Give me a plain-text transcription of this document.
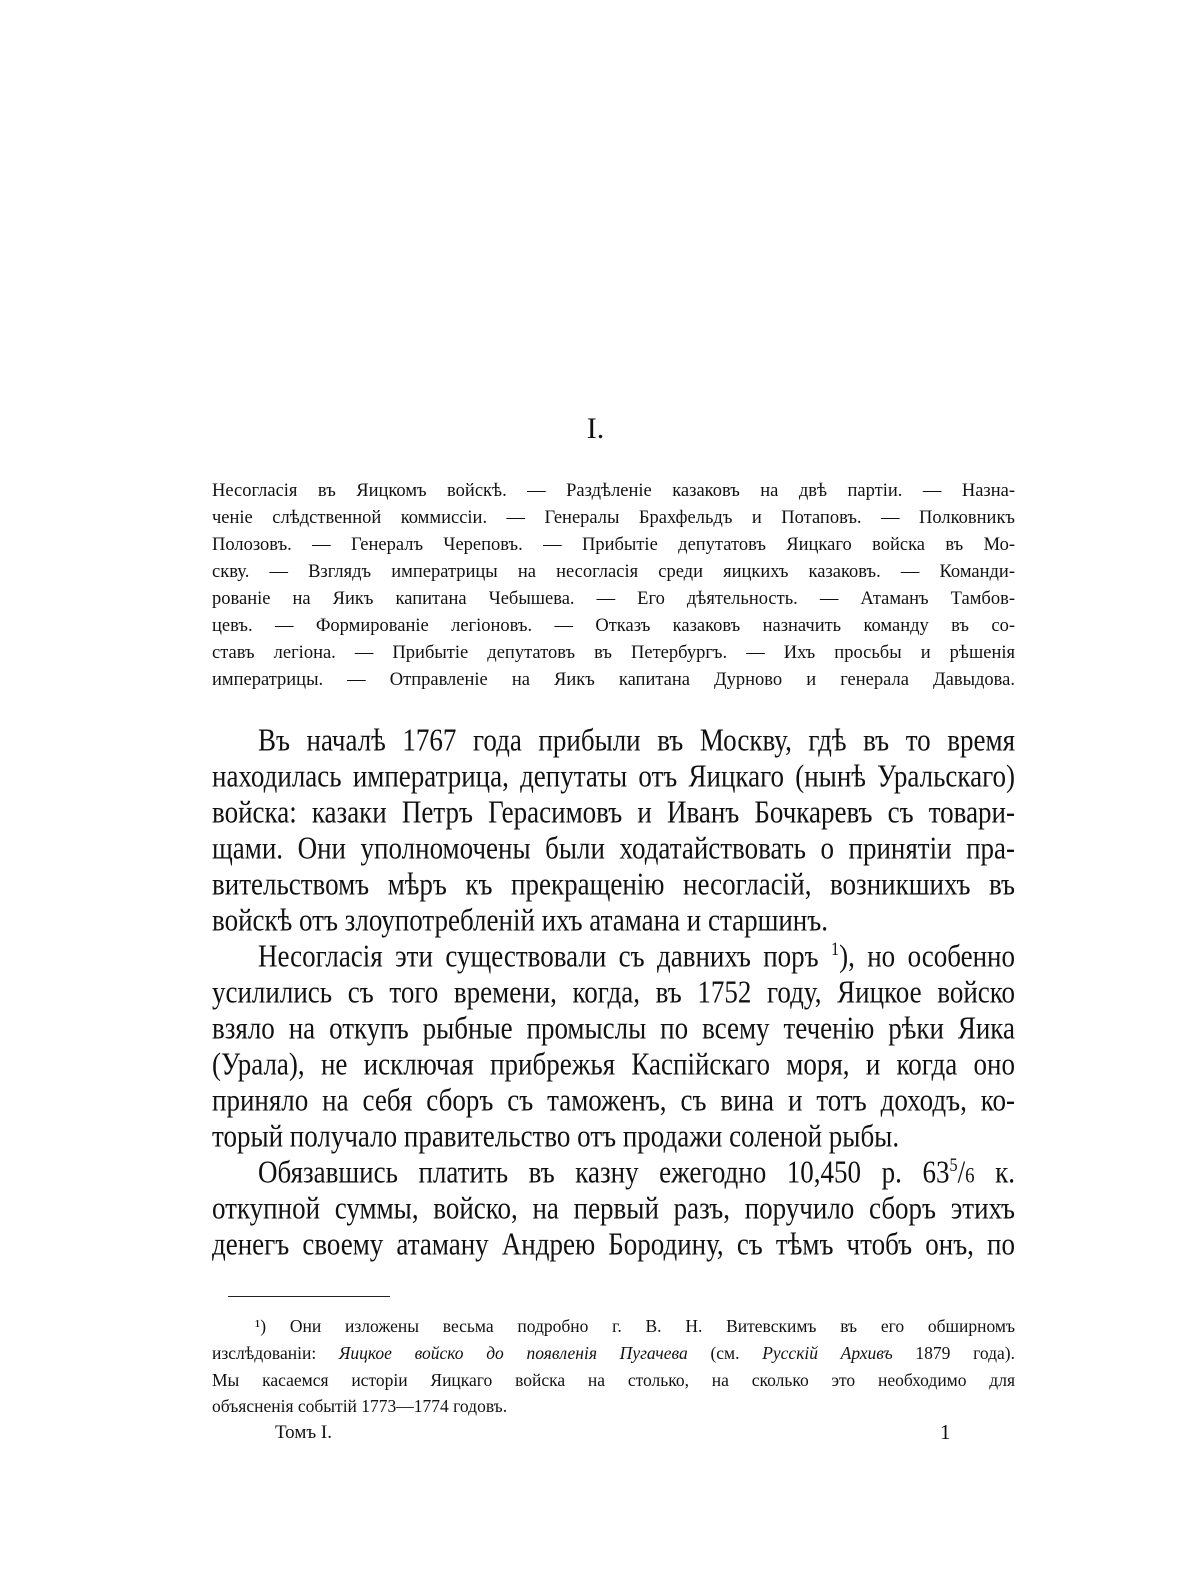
I.
Несогласія въ Яицкомъ войскѣ. — Раздѣленіе казаковъ на двѣ партіи. — Назна-
ченіе слѣдственной коммиссіи. — Генералы Брахфельдъ и Потаповъ. — Полковникъ
Полозовъ. — Генералъ Череповъ. — Прибытіе депутатовъ Яицкаго войска въ Мо-
скву. — Взглядъ императрицы на несогласія среди яицкихъ казаковъ. — Команди-
рованіе на Яикъ капитана Чебышева. — Его дѣятельность. — Атаманъ Тамбов-
цевъ. — Формированіе легіоновъ. — Отказъ казаковъ назначить команду въ со-
ставъ легіона. — Прибытіе депутатовъ въ Петербургъ. — Ихъ просьбы и рѣшенія
императрицы. — Отправленіе на Яикъ капитана Дурново и генерала Давыдова.
Въ началѣ 1767 года прибыли въ Москву, гдѣ въ то время
находилась императрица, депутаты отъ Яицкаго (нынѣ Уральскаго)
войска: казаки Петръ Герасимовъ и Иванъ Бочкаревъ съ товари-
щами. Они уполномочены были ходатайствовать о принятіи пра-
вительствомъ мѣръ къ прекращенію несогласій, возникшихъ въ
войскѣ отъ злоупотребленій ихъ атамана и старшинъ.
Несогласія эти существовали съ давнихъ поръ $^1$), но особенно
усилились съ того времени, когда, въ 1752 году, Яицкое войско
взяло на откупъ рыбные промыслы по всему теченію рѣки Яика
(Урала), не исключая прибрежья Каспійскаго моря, и когда оно
приняло на себя сборъ съ таможенъ, съ вина и тотъ доходъ, ко-
торый получало правительство отъ продажи соленой рыбы.
Обязавшись платить въ казну ежегодно 10,450 р. $63^5/6$ к.
откупной суммы, войско, на первый разъ, поручило сборъ этихъ
денегъ своему атаману Андрею Бородину, съ тѣмъ чтобъ онъ, по
¹) Они изложены весьма подробно г. В. Н. Витевскимъ въ его обширномъ
изслѣдованіи: Яицкое войско до появленія Пугачева (см. Русскій Архивъ 1879 года).
Мы касаемся исторіи Яицкаго войска на столько, на сколько это необходимо для
объясненія событій 1773—1774 годовъ.
Томъ I.	1
